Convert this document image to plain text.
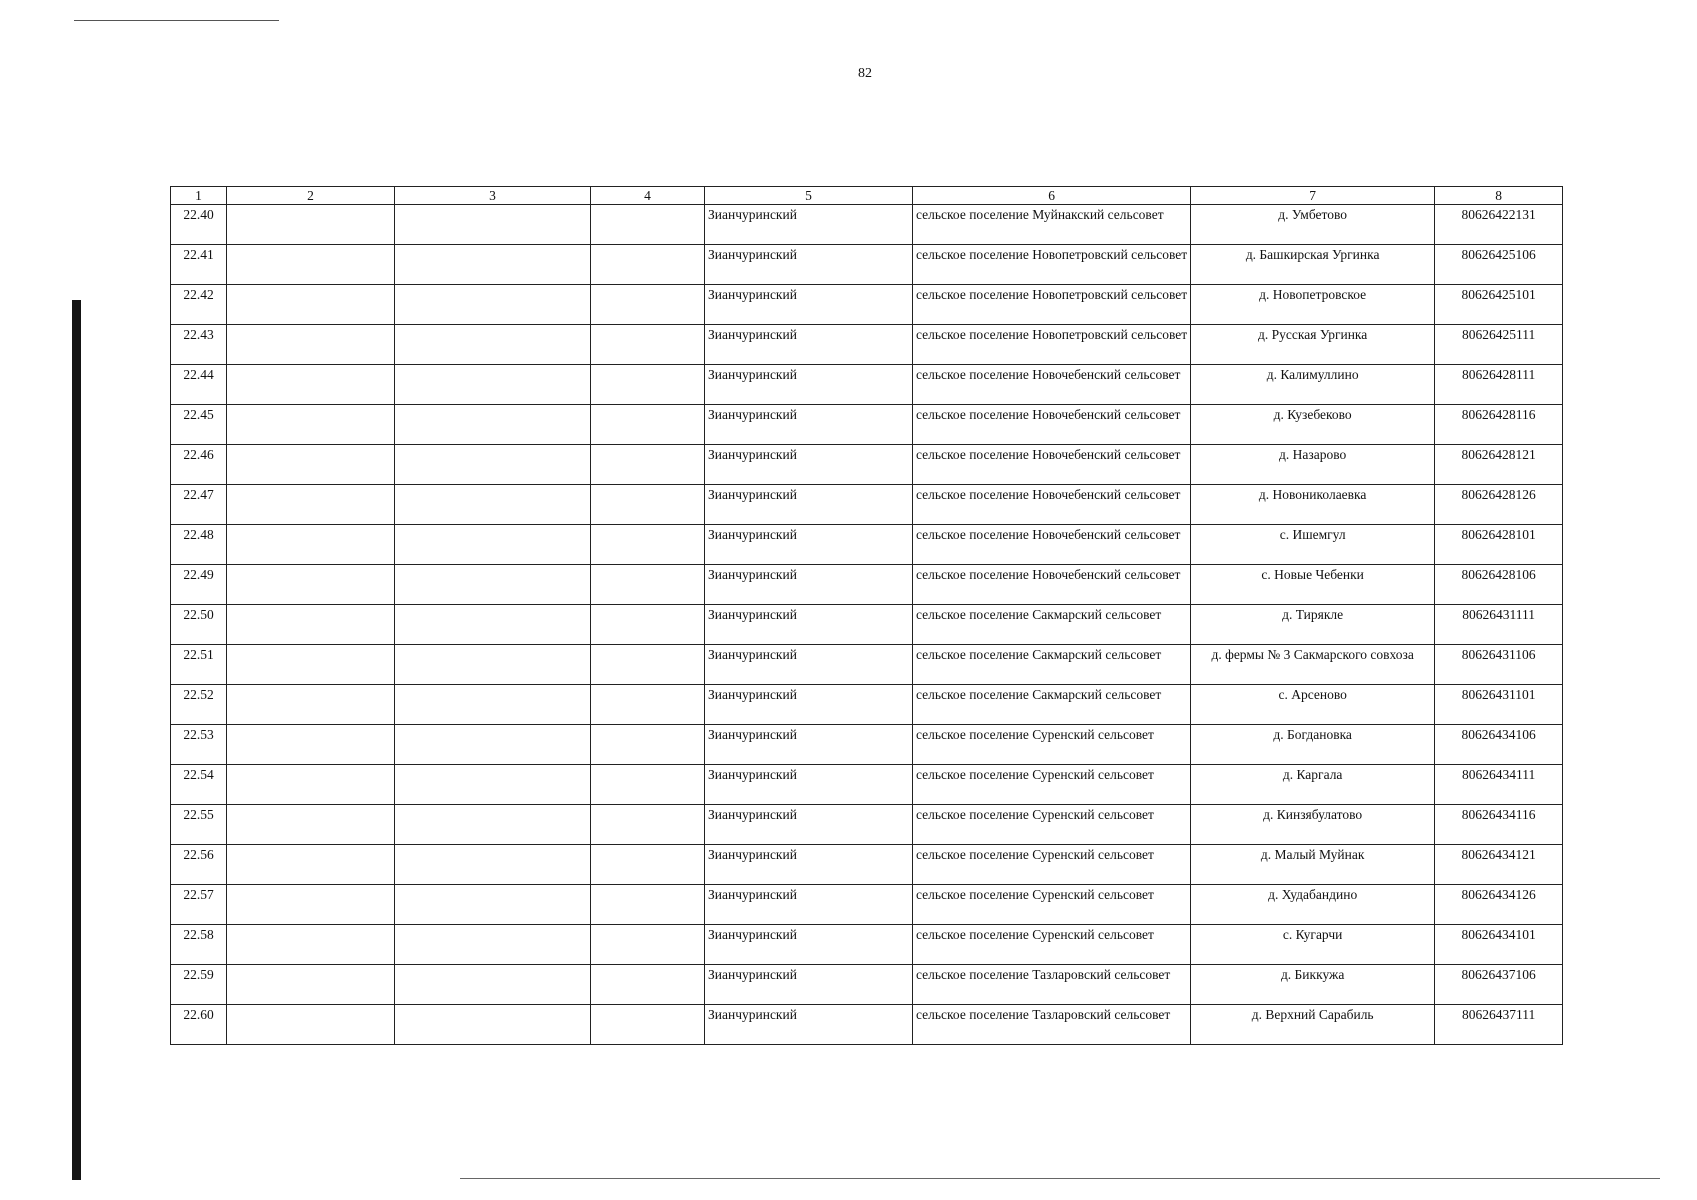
82
1	2	3	4	5	6	7	8
22.40				Зианчуринский	сельское поселение Муйнакский сельсовет	д. Умбетово	80626422131
22.41				Зианчуринский	сельское поселение Новопетровский сельсовет	д. Башкирская Ургинка	80626425106
22.42				Зианчуринский	сельское поселение Новопетровский сельсовет	д. Новопетровское	80626425101
22.43				Зианчуринский	сельское поселение Новопетровский сельсовет	д. Русская Ургинка	80626425111
22.44				Зианчуринский	сельское поселение Новочебенский сельсовет	д. Калимуллино	80626428111
22.45				Зианчуринский	сельское поселение Новочебенский сельсовет	д. Кузебеково	80626428116
22.46				Зианчуринский	сельское поселение Новочебенский сельсовет	д. Назарово	80626428121
22.47				Зианчуринский	сельское поселение Новочебенский сельсовет	д. Новониколаевка	80626428126
22.48				Зианчуринский	сельское поселение Новочебенский сельсовет	с. Ишемгул	80626428101
22.49				Зианчуринский	сельское поселение Новочебенский сельсовет	с. Новые Чебенки	80626428106
22.50				Зианчуринский	сельское поселение Сакмарский сельсовет	д. Тирякле	80626431111
22.51				Зианчуринский	сельское поселение Сакмарский сельсовет	д. фермы № 3 Сакмарского совхоза	80626431106
22.52				Зианчуринский	сельское поселение Сакмарский сельсовет	с. Арсеново	80626431101
22.53				Зианчуринский	сельское поселение Суренский сельсовет	д. Богдановка	80626434106
22.54				Зианчуринский	сельское поселение Суренский сельсовет	д. Каргала	80626434111
22.55				Зианчуринский	сельское поселение Суренский сельсовет	д. Кинзябулатово	80626434116
22.56				Зианчуринский	сельское поселение Суренский сельсовет	д. Малый Муйнак	80626434121
22.57				Зианчуринский	сельское поселение Суренский сельсовет	д. Худабандино	80626434126
22.58				Зианчуринский	сельское поселение Суренский сельсовет	с. Кугарчи	80626434101
22.59				Зианчуринский	сельское поселение Тазларовский сельсовет	д. Биккужа	80626437106
22.60				Зианчуринский	сельское поселение Тазларовский сельсовет	д. Верхний Сарабиль	80626437111
